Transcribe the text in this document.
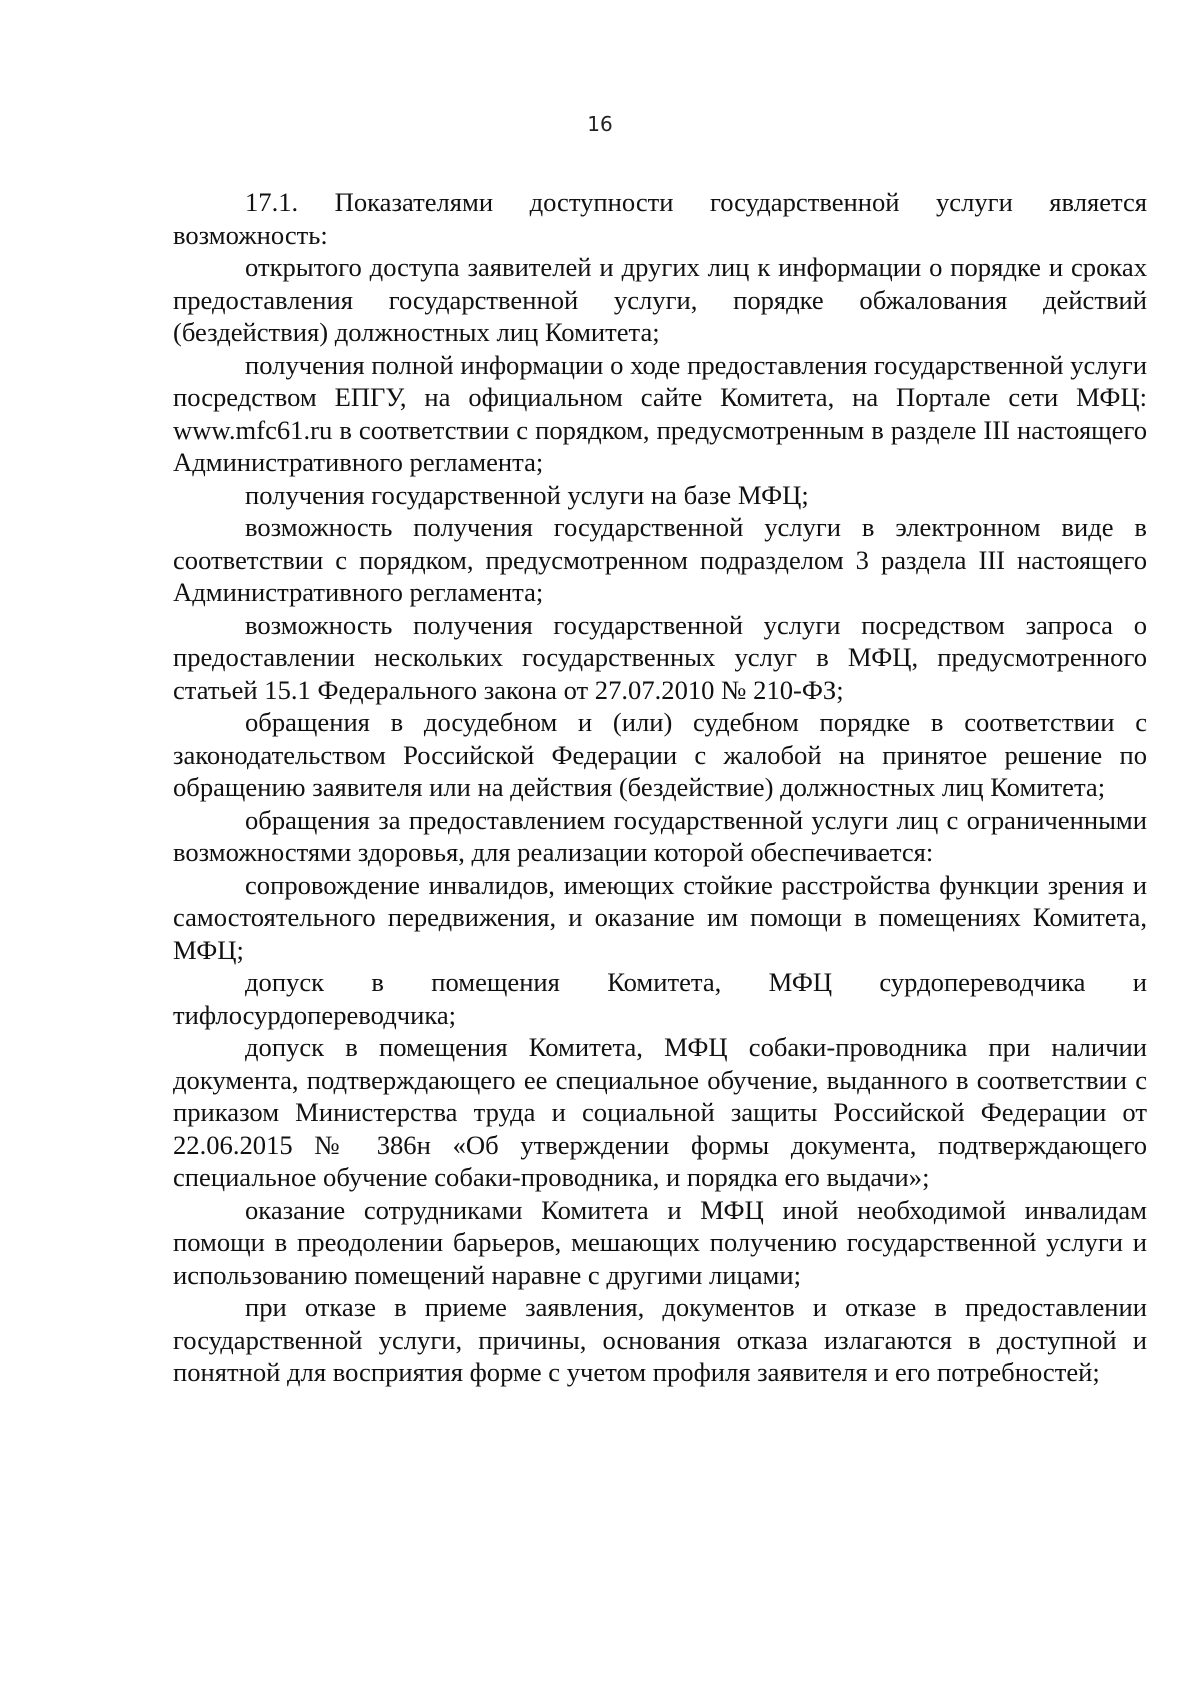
16

17.1. Показателями доступности государственной услуги является возможность:

открытого доступа заявителей и других лиц к информации о порядке и сроках предоставления государственной услуги, порядке обжалования действий (бездействия) должностных лиц Комитета;

получения полной информации о ходе предоставления государственной услуги посредством ЕПГУ, на официальном сайте Комитета, на Портале сети МФЦ: www.mfc61.ru в соответствии с порядком, предусмотренным в разделе III настоящего Административного регламента;

получения государственной услуги на базе МФЦ;

возможность получения государственной услуги в электронном виде в соответствии с порядком, предусмотренном подразделом 3 раздела III настоящего Административного регламента;

возможность получения государственной услуги посредством запроса о предоставлении нескольких государственных услуг в МФЦ, предусмотренного статьей 15.1 Федерального закона от 27.07.2010 № 210-ФЗ;

обращения в досудебном и (или) судебном порядке в соответствии с законодательством Российской Федерации с жалобой на принятое решение по обращению заявителя или на действия (бездействие) должностных лиц Комитета;

обращения за предоставлением государственной услуги лиц с ограниченными возможностями здоровья, для реализации которой обеспечивается:

сопровождение инвалидов, имеющих стойкие расстройства функции зрения и самостоятельного передвижения, и оказание им помощи в помещениях Комитета, МФЦ;

допуск в помещения Комитета, МФЦ сурдопереводчика и тифлосурдопереводчика;

допуск в помещения Комитета, МФЦ собаки-проводника при наличии документа, подтверждающего ее специальное обучение, выданного в соответствии с приказом Министерства труда и социальной защиты Российской Федерации от 22.06.2015 № 386н «Об утверждении формы документа, подтверждающего специальное обучение собаки-проводника, и порядка его выдачи»;

оказание сотрудниками Комитета и МФЦ иной необходимой инвалидам помощи в преодолении барьеров, мешающих получению государственной услуги и использованию помещений наравне с другими лицами;

при отказе в приеме заявления, документов и отказе в предоставлении государственной услуги, причины, основания отказа излагаются в доступной и понятной для восприятия форме с учетом профиля заявителя и его потребностей;
